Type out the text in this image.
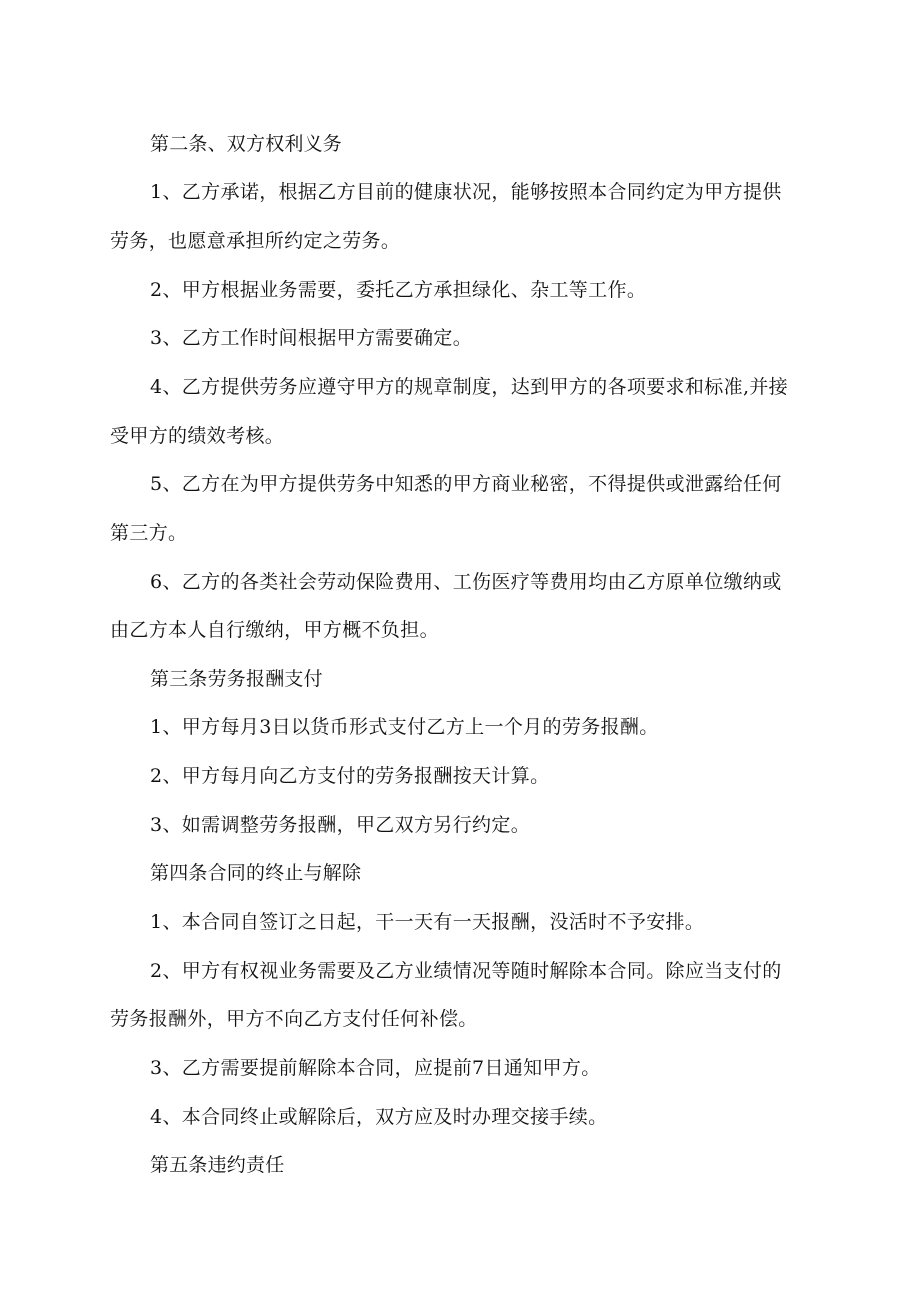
第二条、双方权利义务
1、乙方承诺，根据乙方目前的健康状况，能够按照本合同约定为甲方提供
劳务，也愿意承担所约定之劳务。
2、甲方根据业务需要，委托乙方承担绿化、杂工等工作。
3、乙方工作时间根据甲方需要确定。
4、乙方提供劳务应遵守甲方的规章制度，达到甲方的各项要求和标准,并接
受甲方的绩效考核。
5、乙方在为甲方提供劳务中知悉的甲方商业秘密，不得提供或泄露给任何
第三方。
6、乙方的各类社会劳动保险费用、工伤医疗等费用均由乙方原单位缴纳或
由乙方本人自行缴纳，甲方概不负担。
第三条劳务报酬支付
1、甲方每月3日以货币形式支付乙方上一个月的劳务报酬。
2、甲方每月向乙方支付的劳务报酬按天计算。
3、如需调整劳务报酬，甲乙双方另行约定。
第四条合同的终止与解除
1、本合同自签订之日起，干一天有一天报酬，没活时不予安排。
2、甲方有权视业务需要及乙方业绩情况等随时解除本合同。除应当支付的
劳务报酬外，甲方不向乙方支付任何补偿。
3、乙方需要提前解除本合同，应提前7日通知甲方。
4、本合同终止或解除后，双方应及时办理交接手续。
第五条违约责任
